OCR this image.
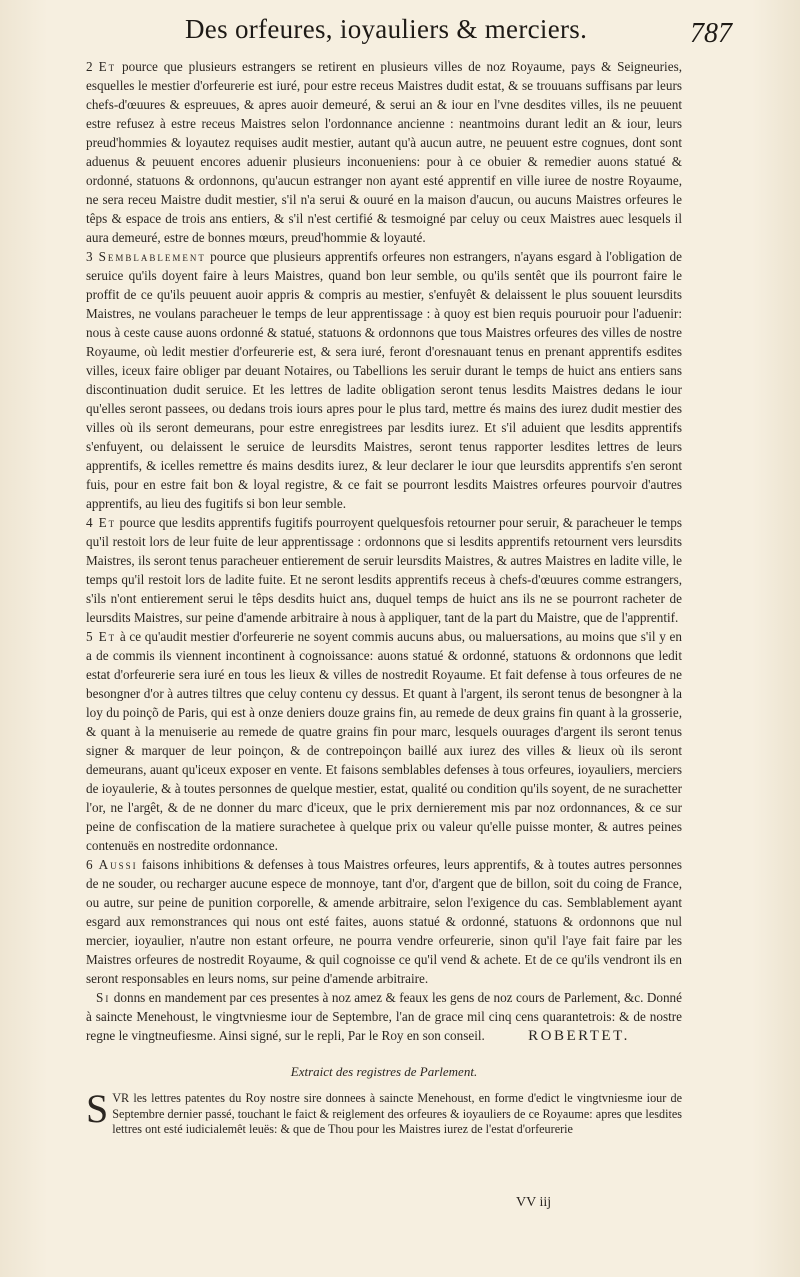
Des orfeures, ioyauliers & merciers.	787

2 Et pource que plusieurs estrangers se retirent en plusieurs villes de noz Royaume, pays & Seigneuries, esquelles le mestier d'orfeurerie est iuré, pour estre receus Maistres dudit estat, & se trouuans suffisans par leurs chefs-d'œuures & espreuues, & apres auoir demeuré, & serui an & iour en l'vne desdites villes, ils ne peuuent estre refusez à estre receus Maistres selon l'ordonnance ancienne : neantmoins durant ledit an & iour, leurs preud'hommies & loyautez requises audit mestier, autant qu'à aucun autre, ne peuuent estre cognues, dont sont aduenus & peuuent encores aduenir plusieurs inconueniens: pour à ce obuier & remedier auons statué & ordonné, statuons & ordonnons, qu'aucun estranger non ayant esté apprentif en ville iuree de nostre Royaume, ne sera receu Maistre dudit mestier, s'il n'a serui & ouuré en la maison d'aucun, ou aucuns Maistres orfeures le têps & espace de trois ans entiers, & s'il n'est certifié & tesmoigné par celuy ou ceux Maistres auec lesquels il aura demeuré, estre de bonnes mœurs, preud'hommie & loyauté.

3 Semblablement pource que plusieurs apprentifs orfeures non estrangers, n'ayans esgard à l'obligation de seruice qu'ils doyent faire à leurs Maistres, quand bon leur semble, ou qu'ils sentêt que ils pourront faire le proffit de ce qu'ils peuuent auoir appris & compris au mestier, s'enfuyêt & delaissent le plus souuent leursdits Maistres, ne voulans paracheuer le temps de leur apprentissage : à quoy est bien requis pouruoir pour l'aduenir: nous à ceste cause auons ordonné & statué, statuons & ordonnons que tous Maistres orfeures des villes de nostre Royaume, où ledit mestier d'orfeurerie est, & sera iuré, feront d'oresnauant tenus en prenant apprentifs esdites villes, iceux faire obliger par deuant Notaires, ou Tabellions les seruir durant le temps de huict ans entiers sans discontinuation dudit seruice. Et les lettres de ladite obligation seront tenus lesdits Maistres dedans le iour qu'elles seront passees, ou dedans trois iours apres pour le plus tard, mettre és mains des iurez dudit mestier des villes où ils seront demeurans, pour estre enregistrees par lesdits iurez. Et s'il aduient que lesdits apprentifs s'enfuyent, ou delaissent le seruice de leursdits Maistres, seront tenus rapporter lesdites lettres de leurs apprentifs, & icelles remettre és mains desdits iurez, & leur declarer le iour que leursdits apprentifs s'en seront fuis, pour en estre fait bon & loyal registre, & ce fait se pourront lesdits Maistres orfeures pourvoir d'autres apprentifs, au lieu des fugitifs si bon leur semble.

4 Et pource que lesdits apprentifs fugitifs pourroyent quelquesfois retourner pour seruir, & paracheuer le temps qu'il restoit lors de leur fuite de leur apprentissage : ordonnons que si lesdits apprentifs retournent vers leursdits Maistres, ils seront tenus paracheuer entierement de seruir leursdits Maistres, & autres Maistres en ladite ville, le temps qu'il restoit lors de ladite fuite. Et ne seront lesdits apprentifs receus à chefs-d'œuures comme estrangers, s'ils n'ont entierement serui le têps desdits huict ans, duquel temps de huict ans ils ne se pourront racheter de leursdits Maistres, sur peine d'amende arbitraire à nous à appliquer, tant de la part du Maistre, que de l'apprentif.

5 Et à ce qu'audit mestier d'orfeurerie ne soyent commis aucuns abus, ou maluersations, au moins que s'il y en a de commis ils viennent incontinent à cognoissance: auons statué & ordonné, statuons & ordonnons que ledit estat d'orfeurerie sera iuré en tous les lieux & villes de nostredit Royaume. Et fait defense à tous orfeures de ne besongner d'or à autres tiltres que celuy contenu cy dessus. Et quant à l'argent, ils seront tenus de besongner à la loy du poinçõ de Paris, qui est à onze deniers douze grains fin, au remede de deux grains fin quant à la grosserie, & quant à la menuiserie au remede de quatre grains fin pour marc, lesquels ouurages d'argent ils seront tenus signer & marquer de leur poinçon, & de contrepoinçon baillé aux iurez des villes & lieux où ils seront demeurans, auant qu'iceux exposer en vente. Et faisons semblables defenses à tous orfeures, ioyauliers, merciers de ioyaulerie, & à toutes personnes de quelque mestier, estat, qualité ou condition qu'ils soyent, de ne surachetter l'or, ne l'argêt, & de ne donner du marc d'iceux, que le prix dernierement mis par noz ordonnances, & ce sur peine de confiscation de la matiere surachetee à quelque prix ou valeur qu'elle puisse monter, & autres peines contenuës en nostredite ordonnance.

6 Aussi faisons inhibitions & defenses à tous Maistres orfeures, leurs apprentifs, & à toutes autres personnes de ne souder, ou recharger aucune espece de monnoye, tant d'or, d'argent que de billon, soit du coing de France, ou autre, sur peine de punition corporelle, & amende arbitraire, selon l'exigence du cas. Semblablement ayant esgard aux remonstrances qui nous ont esté faites, auons statué & ordonné, statuons & ordonnons que nul mercier, ioyaulier, n'autre non estant orfeure, ne pourra vendre orfeurerie, sinon qu'il l'aye fait faire par les Maistres orfeures de nostredit Royaume, & quil cognoisse ce qu'il vend & achete. Et de ce qu'ils vendront ils en seront responsables en leurs noms, sur peine d'amende arbitraire.

Si donns en mandement par ces presentes à noz amez & feaux les gens de noz cours de Parlement, &c. Donné à saincte Menehoust, le vingtvniesme iour de Septembre, l'an de grace mil cinq cens quarantetrois: & de nostre regne le vingtneufiesme. Ainsi signé, sur le repli, Par le Roy en son conseil.	ROBERTET.

Extraict des registres de Parlement.

S VR les lettres patentes du Roy nostre sire donnees à saincte Menehoust, en forme d'edict le vingtvniesme iour de Septembre dernier passé, touchant le faict & reiglement des orfeures & ioyauliers de ce Royaume: apres que lesdites lettres ont esté iudicialemêt leuës: & que de Thou pour les Maistres iurez de l'estat d'orfeurerie

VV iij
